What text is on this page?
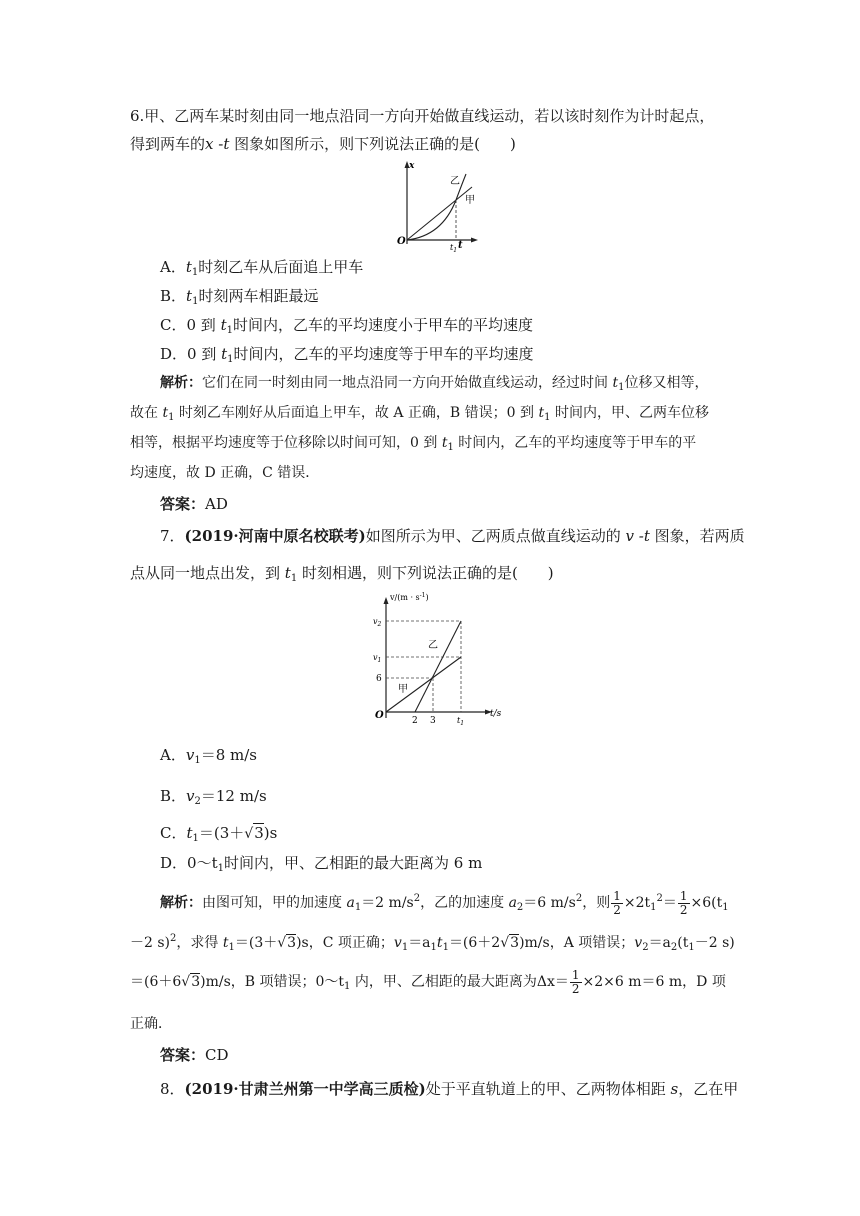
6.甲、乙两车某时刻由同一地点沿同一方向开始做直线运动，若以该时刻作为计时起点，
得到两车的x -t 图象如图所示，则下列说法正确的是(　　)
x
O	t
$t_1$
乙
甲
A．$t_1$时刻乙车从后面追上甲车
B．$t_1$时刻两车相距最远
C．0 到 $t_1$时间内，乙车的平均速度小于甲车的平均速度
D．0 到 $t_1$时间内，乙车的平均速度等于甲车的平均速度
解析：它们在同一时刻由同一地点沿同一方向开始做直线运动，经过时间 $t_1$位移又相等，
故在 $t_1$ 时刻乙车刚好从后面追上甲车，故 A 正确，B 错误；0 到 $t_1$ 时间内，甲、乙两车位移
相等，根据平均速度等于位移除以时间可知，0 到 $t_1$ 时间内，乙车的平均速度等于甲车的平
均速度，故 D 正确，C 错误．
答案：AD
7．(2019·河南中原名校联考)如图所示为甲、乙两质点做直线运动的 v -t 图象，若两质
点从同一地点出发，到 $t_1$ 时刻相遇，则下列说法正确的是(　　)
$v/(m \cdot s^{-1})$
$v_2$
$v_1$
6
O	2 3	$t_1$
t/s
乙
甲
A．$v_1=8$ m/s
B．$v_2=12$ m/s
C．$t_1=(3+√3)s$
D．$0\sim t_1$时间内，甲、乙相距的最大距离为 6 m
解析：由图可知，甲的加速度 $a_1=2$ $m/s^2$，乙的加速度 $a_2=6$ $m/s^2$，则 $\frac{1}{2} \times 2t_1^2= \frac{1}{2} \times 6(t_1$
－2 s)$^2$，求得 $t_1=(3+√3)s$，C 项正确；$v_1=a_1t_1=(6+2√3)m/s$，A 项错误；$v_2=a_2(t_1-2$ s)
＝(6＋6√3)m/s，B 项错误；$0\sim t_1$ 内，甲、乙相距的最大距离为$\Delta x= \frac{1}{2} \times 2\times 6$ m＝6 m，D 项
正确．
答案：CD
8．(2019·甘肃兰州第一中学高三质检)处于平直轨道上的甲、乙两物体相距 s，乙在甲
